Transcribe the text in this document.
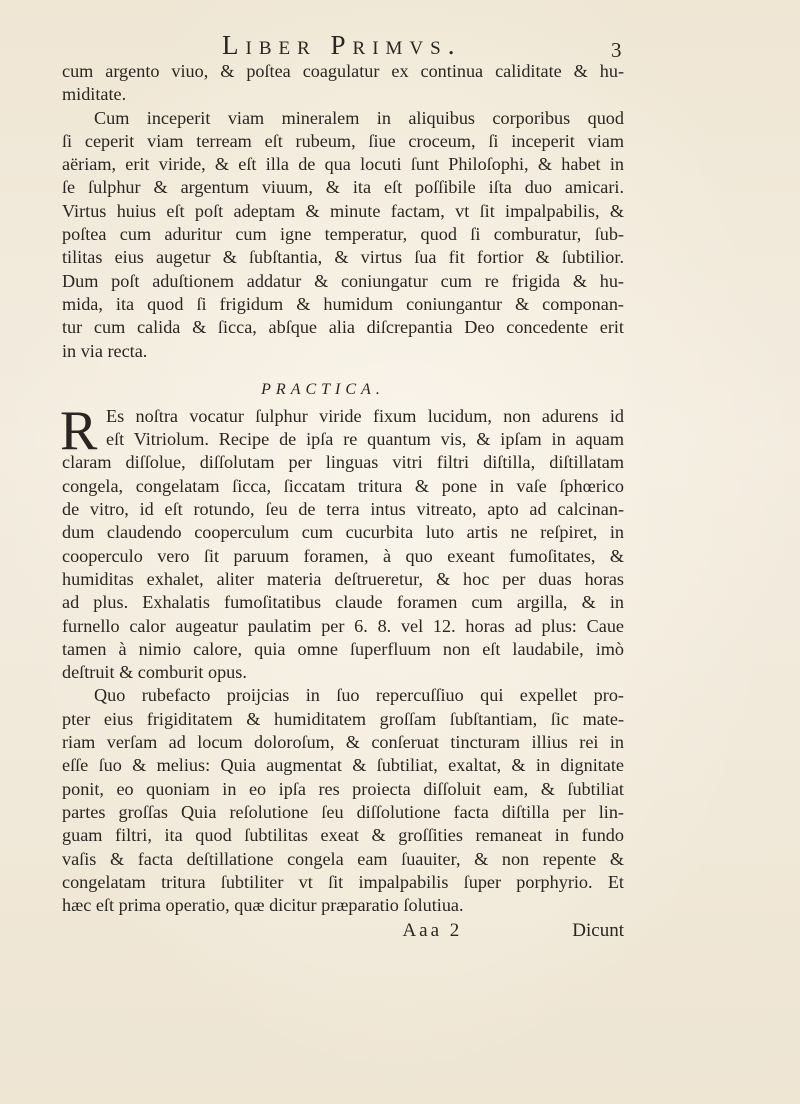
Liber Primvs.	3
cum argento viuo, & poſtea coagulatur ex continua caliditate & hu-
miditate.
Cum inceperit viam mineralem in aliquibus corporibus quod
ſi ceperit viam terream eſt rubeum, ſiue croceum, ſi inceperit viam
aëriam, erit viride, & eſt illa de qua locuti ſunt Philoſophi, & habet in
ſe ſulphur & argentum viuum, & ita eſt poſſibile iſta duo amicari.
Virtus huius eſt poſt adeptam & minute factam, vt ſit impalpabilis, &
poſtea cum aduritur cum igne temperatur, quod ſi comburatur, ſub-
tilitas eius augetur & ſubſtantia, & virtus ſua fit fortior & ſubtilior.
Dum poſt aduſtionem addatur & coniungatur cum re frigida & hu-
mida, ita quod ſi frigidum & humidum coniungantur & componan-
tur cum calida & ſicca, abſque alia diſcrepantia Deo concedente erit
in via recta.
PRACTICA.
R Es noſtra vocatur ſulphur viride fixum lucidum, non adurens id
eſt Vitriolum. Recipe de ipſa re quantum vis, & ipſam in aquam
claram diſſolue, diſſolutam per linguas vitri filtri diſtilla, diſtillatam
congela, congelatam ſicca, ſiccatam tritura & pone in vaſe ſphœrico
de vitro, id eſt rotundo, ſeu de terra intus vitreato, apto ad calcinan-
dum claudendo cooperculum cum cucurbita luto artis ne reſpiret, in
cooperculo vero ſit paruum foramen, à quo exeant fumoſitates, &
humiditas exhalet, aliter materia deſtrueretur, & hoc per duas horas
ad plus. Exhalatis fumoſitatibus claude foramen cum argilla, & in
furnello calor augeatur paulatim per 6. 8. vel 12. horas ad plus: Caue
tamen à nimio calore, quia omne ſuperfluum non eſt laudabile, imò
deſtruit & comburit opus.
Quo rubefacto proijcias in ſuo repercuſſiuo qui expellet pro-
pter eius frigiditatem & humiditatem groſſam ſubſtantiam, ſic mate-
riam verſam ad locum doloroſum, & conſeruat tincturam illius rei in
eſſe ſuo & melius: Quia augmentat & ſubtiliat, exaltat, & in dignitate
ponit, eo quoniam in eo ipſa res proiecta diſſoluit eam, & ſubtiliat
partes groſſas Quia reſolutione ſeu diſſolutione facta diſtilla per lin-
guam filtri, ita quod ſubtilitas exeat & groſſities remaneat in fundo
vaſis & facta deſtillatione congela eam ſuauiter, & non repente &
congelatam tritura ſubtiliter vt ſit impalpabilis ſuper porphyrio. Et
hæc eſt prima operatio, quæ dicitur præparatio ſolutiua.
Aaa 2	Dicunt
